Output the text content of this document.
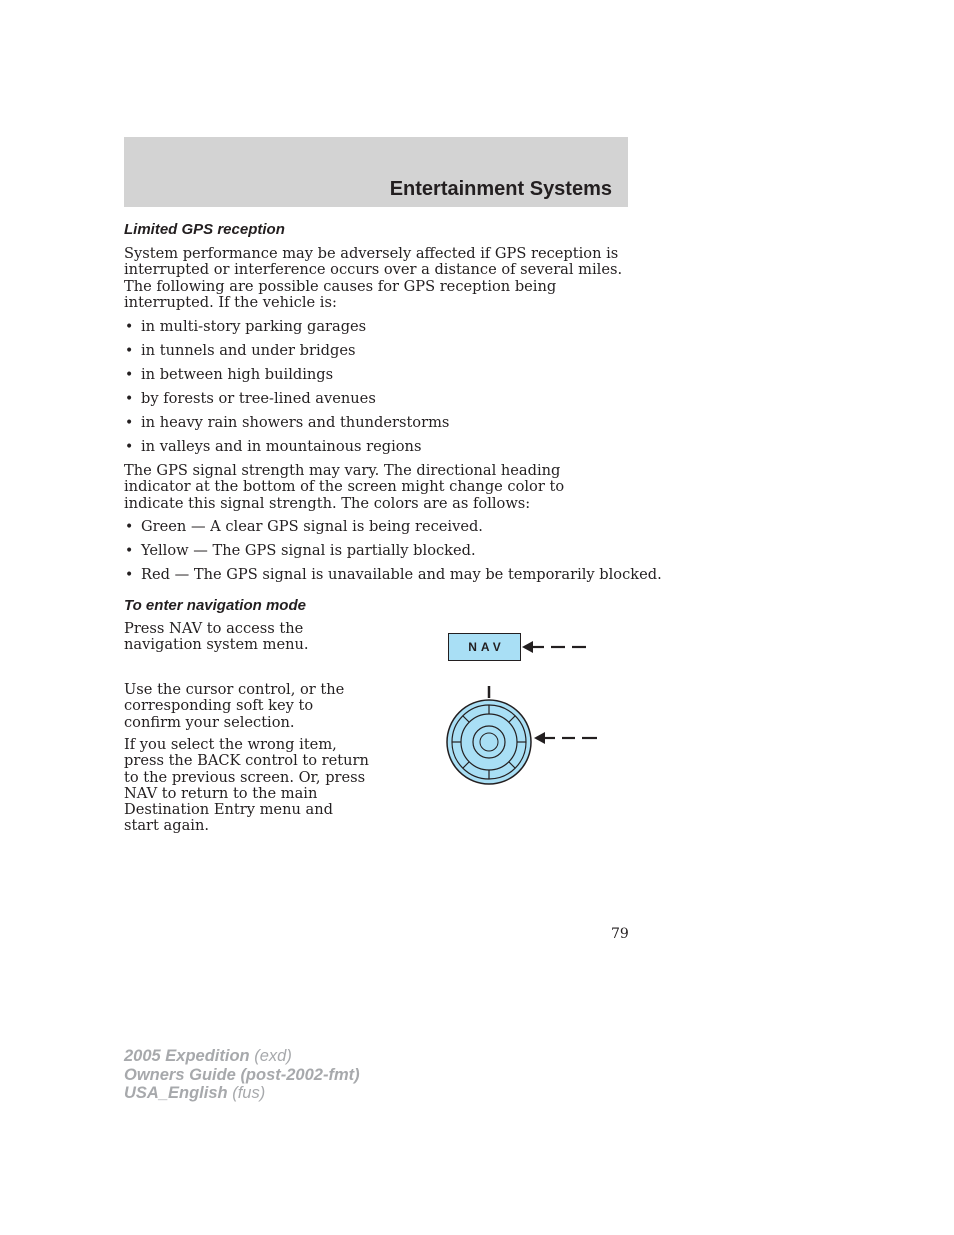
Entertainment Systems
Limited GPS reception

System performance may be adversely affected if GPS reception is interrupted or interference occurs over a distance of several miles. The following are possible causes for GPS reception being interrupted. If the vehicle is:

• in multi-story parking garages
• in tunnels and under bridges
• in between high buildings
• by forests or tree-lined avenues
• in heavy rain showers and thunderstorms
• in valleys and in mountainous regions

The GPS signal strength may vary. The directional heading indicator at the bottom of the screen might change color to indicate this signal strength. The colors are as follows:

• Green — A clear GPS signal is being received.
• Yellow — The GPS signal is partially blocked.
• Red — The GPS signal is unavailable and may be temporarily blocked.
To enter navigation mode

Press NAV to access the navigation system menu.

Use the cursor control, or the corresponding soft key to confirm your selection.

If you select the wrong item, press the BACK control to return to the previous screen. Or, press NAV to return to the main Destination Entry menu and start again.

NAV

79

2005 Expedition (exd)
Owners Guide (post-2002-fmt)
USA_English (fus)
